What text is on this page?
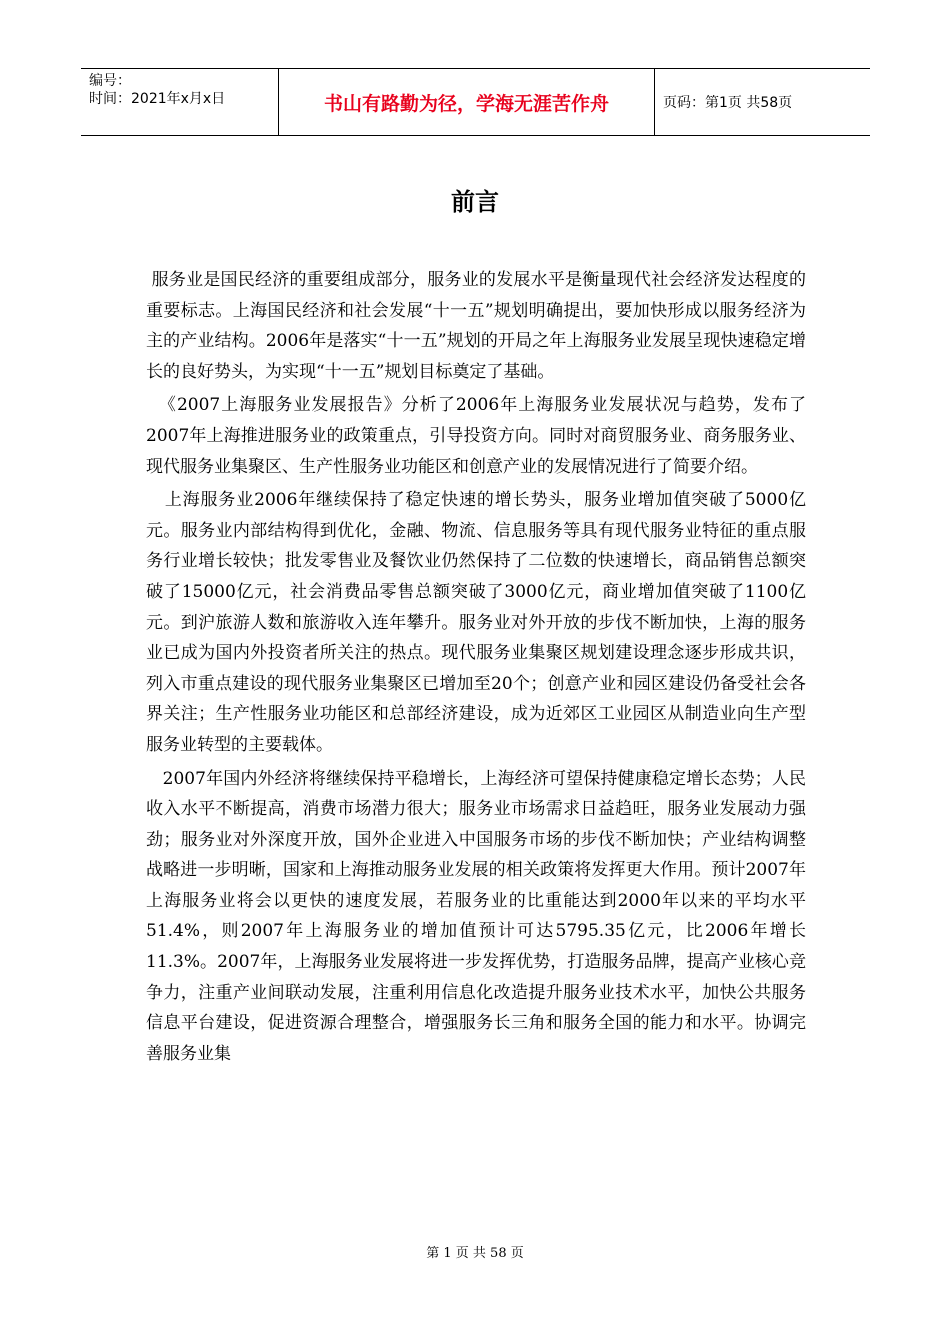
编号：
时间：2021年x月x日	书山有路勤为径，学海无涯苦作舟	页码：第1页 共58页
前言

服务业是国民经济的重要组成部分，服务业的发展水平是衡量现代社会经济发达程度的重要标志。上海国民经济和社会发展“十一五”规划明确提出，要加快形成以服务经济为主的产业结构。2006年是落实“十一五”规划的开局之年上海服务业发展呈现快速稳定增长的良好势头，为实现“十一五”规划目标奠定了基础。

《2007上海服务业发展报告》分析了2006年上海服务业发展状况与趋势，发布了2007年上海推进服务业的政策重点，引导投资方向。同时对商贸服务业、商务服务业、现代服务业集聚区、生产性服务业功能区和创意产业的发展情况进行了简要介绍。

上海服务业2006年继续保持了稳定快速的增长势头，服务业增加值突破了5000亿元。服务业内部结构得到优化，金融、物流、信息服务等具有现代服务业特征的重点服务行业增长较快；批发零售业及餐饮业仍然保持了二位数的快速增长，商品销售总额突破了15000亿元，社会消费品零售总额突破了3000亿元，商业增加值突破了1100亿元。到沪旅游人数和旅游收入连年攀升。服务业对外开放的步伐不断加快，上海的服务业已成为国内外投资者所关注的热点。现代服务业集聚区规划建设理念逐步形成共识，列入市重点建设的现代服务业集聚区已增加至20个；创意产业和园区建设仍备受社会各界关注；生产性服务业功能区和总部经济建设，成为近郊区工业园区从制造业向生产型服务业转型的主要载体。

2007年国内外经济将继续保持平稳增长，上海经济可望保持健康稳定增长态势；人民收入水平不断提高，消费市场潜力很大；服务业市场需求日益趋旺，服务业发展动力强劲；服务业对外深度开放，国外企业进入中国服务市场的步伐不断加快；产业结构调整战略进一步明晰，国家和上海推动服务业发展的相关政策将发挥更大作用。预计2007年上海服务业将会以更快的速度发展，若服务业的比重能达到2000年以来的平均水平51.4%，则2007年上海服务业的增加值预计可达5795.35亿元，比2006年增长11.3%。2007年，上海服务业发展将进一步发挥优势，打造服务品牌，提高产业核心竞争力，注重产业间联动发展，注重利用信息化改造提升服务业技术水平，加快公共服务信息平台建设，促进资源合理整合，增强服务长三角和服务全国的能力和水平。协调完善服务业集

第 1 页 共 58 页
